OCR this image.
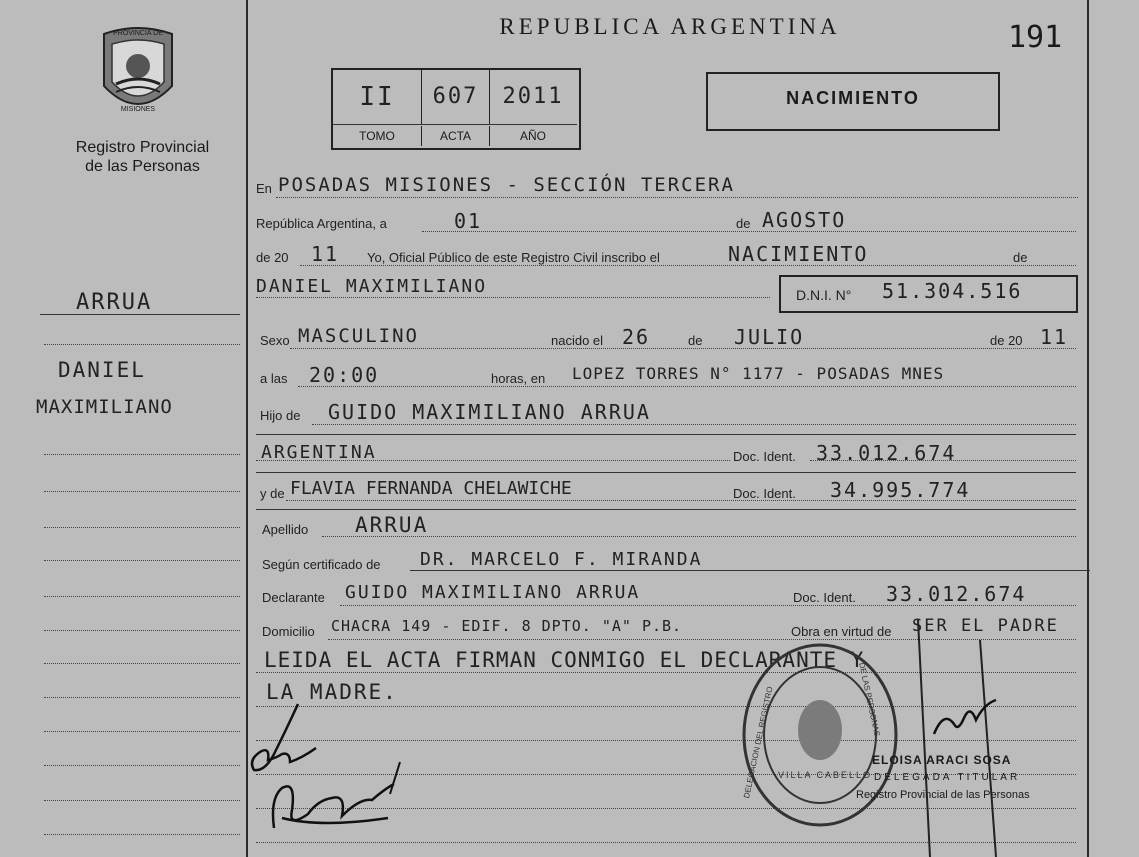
PROVINCIA DE
MISIONES
Registro Provincial
de las Personas
REPUBLICA ARGENTINA	191
II	607	2011
TOMO	ACTA	AÑO
NACIMIENTO
ARRUA
DANIEL
MAXIMILIANO
En POSADAS MISIONES - SECCIÓN TERCERA
República Argentina, a	01	de AGOSTO
de 20 11 Yo, Oficial Público de este Registro Civil inscribo el	NACIMIENTO	de
DANIEL MAXIMILIANO	D.N.I. N° 51.304.516
Sexo MASCULINO	nacido el 26	de JULIO	de 20 11
a las 20:00	horas, en LOPEZ TORRES N° 1177 - POSADAS MNES
Hijo de GUIDO MAXIMILIANO ARRUA
ARGENTINA	Doc. Ident. 33.012.674
y de FLAVIA FERNANDA CHELAWICHE	Doc. Ident. 34.995.774
Apellido ARRUA
Según certificado de DR. MARCELO F. MIRANDA
Declarante GUIDO MAXIMILIANO ARRUA	Doc. Ident. 33.012.674
Domicilio CHACRA 149 - EDIF. 8 DPTO. "A" P.B.	Obra en virtud de SER EL PADRE
LEIDA EL ACTA FIRMAN CONMIGO EL DECLARANTE Y
LA MADRE.	DELEGACION DEL REGISTRO	DE LAS PERSONAS
VILLA CABELLO
ELOISA ARACI SOSA
DELEGADA TITULAR
Registro Provincial de las Personas
